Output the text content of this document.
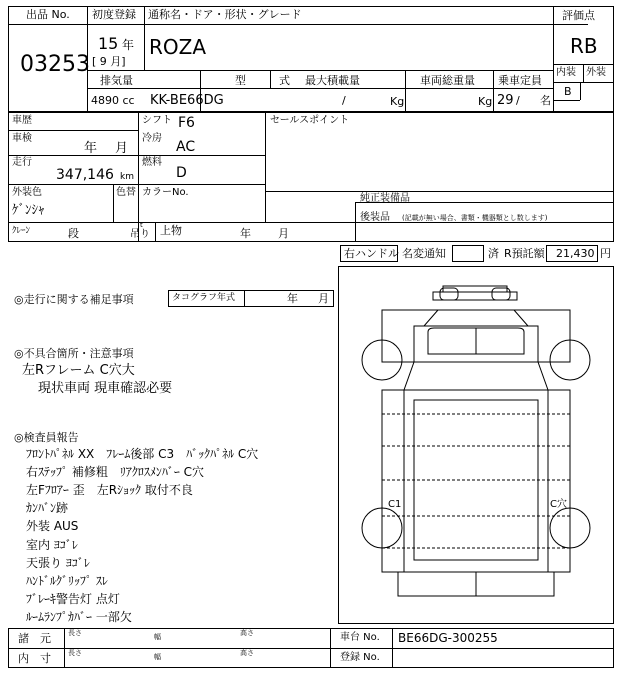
出品 No.
03253
初度登録 通称名・ドア・形状・グレード
15 年
[ 9 月]
ROZA
評価点
RB
内装 外装
B
排気量
4890 cc
型　　　式
KK-BE66DG
最大積載量
/	Kg
車両総重量
Kg
乗車定員
29 / 名
車歴	シフト F6	セールスポイント
車検
年 月
冷房
AC
走行
347,146 km
燃料
D
外装色
ｹﾞﾝｼｬ
色替 カラーNo.
純正装備品
後装品 (記載が無い場合、書類・機器類とし数します)
ｸﾚｰﾝ	段
t
吊り 上物	年 月
右ハンドル 名変通知	済 R預託額 21,430 円
◎走行に関する補足事項	タコグラフ年式	年 月
◎不具合箇所・注意事項
左Rフレーム C穴大
現状車両 現車確認必要
◎検査員報告
ﾌﾛﾝﾄﾊﾟﾈﾙ XX　ﾌﾚｰﾑ後部 C3　ﾊﾞｯｸﾊﾟﾈﾙ C穴
右ｽﾃｯﾌﾟ 補修粗　ﾘｱｸﾛｽﾒﾝﾊﾞｰ C穴
左Fﾌﾛｱｰ 歪　左Rｼｮｯｸ 取付不良
ｶﾝﾊﾞﾝ跡
外装 AUS
室内 ﾖｺﾞﾚ
天張り ﾖｺﾞﾚ
ﾊﾝﾄﾞﾙｸﾞﾘｯﾌﾟ ｽﾚ
ﾌﾞﾚｰｷ警告灯 点灯
ﾙｰﾑﾗﾝﾌﾟｶﾊﾞｰ 一部欠
C1	C穴
諸　元
内　寸
長さ	幅	高さ
長さ	幅	高さ
車台 No. BE66DG-300255
登録 No.
